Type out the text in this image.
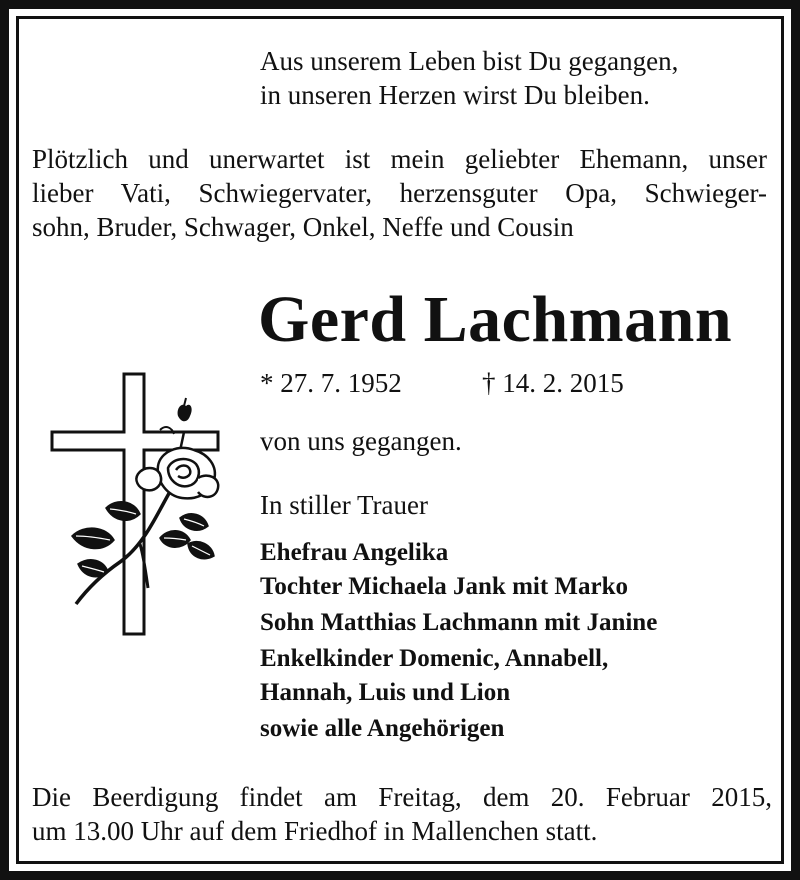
Aus unserem Leben bist Du gegangen,
in unseren Herzen wirst Du bleiben.
Plötzlich und unerwartet ist mein geliebter Ehemann, unser
lieber Vati, Schwiegervater, herzensguter Opa, Schwieger-
sohn, Bruder, Schwager, Onkel, Neffe und Cousin
Gerd Lachmann
* 27. 7. 1952	† 14. 2. 2015
von uns gegangen.
In stiller Trauer
Ehefrau Angelika
Tochter Michaela Jank mit Marko
Sohn Matthias Lachmann mit Janine
Enkelkinder Domenic, Annabell,
Hannah, Luis und Lion
sowie alle Angehörigen
Die Beerdigung findet am Freitag, dem 20. Februar 2015,
um 13.00 Uhr auf dem Friedhof in Mallenchen statt.
